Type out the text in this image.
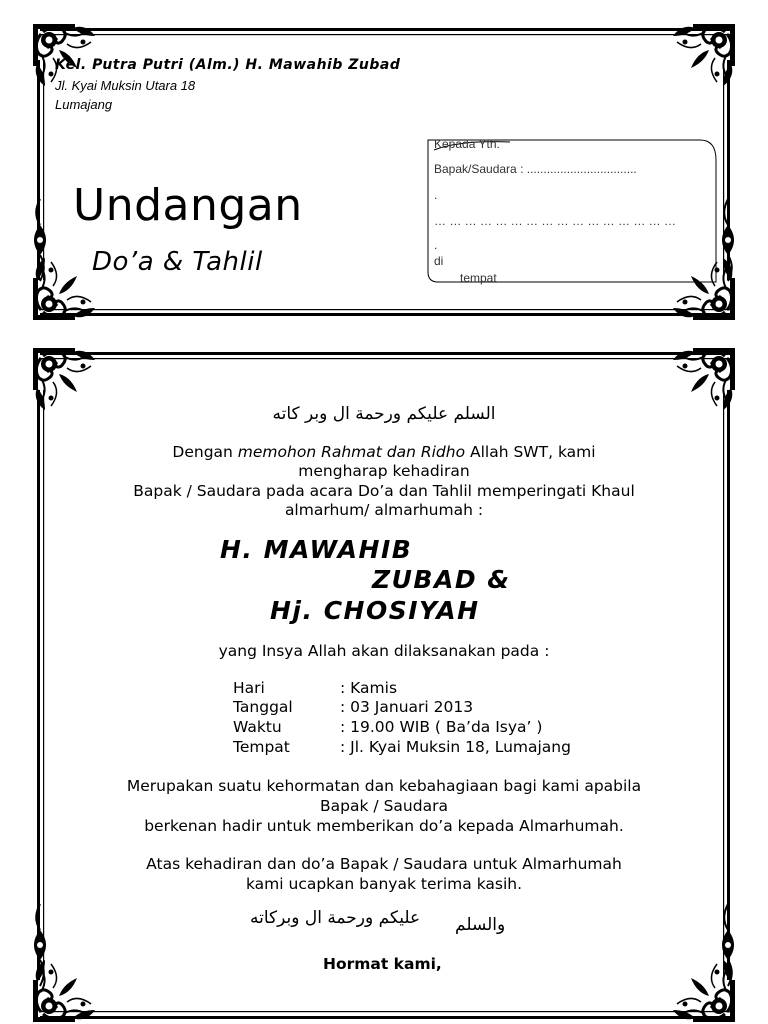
Kel. Putra Putri (Alm.) H. Mawahib Zubad
Jl. Kyai Muksin Utara 18
Lumajang
Undangan
Do’a & Tahlil
Kepada Yth.
Bapak/Saudara : .................................
.
… … … … … … … … … … … … … … … …
.
di
tempat
السلم عليكم ورحمة ال وبر كاته
Dengan memohon Rahmat dan Ridho Allah SWT, kami
mengharap kehadiran
Bapak / Saudara pada acara Do’a dan Tahlil memperingati Khaul
almarhum/ almarhumah :
H. MAWAHIB
ZUBAD &
Hj. CHOSIYAH
yang Insya Allah akan dilaksanakan pada :
Hari	: Kamis
Tanggal	: 03 Januari 2013
Waktu	: 19.00 WIB ( Ba’da Isya’ )
Tempat	: Jl. Kyai Muksin 18, Lumajang
Merupakan suatu kehormatan dan kebahagiaan bagi kami apabila
Bapak / Saudara
berkenan hadir untuk memberikan do’a kepada Almarhumah.
Atas kehadiran dan do’a Bapak / Saudara untuk Almarhumah
kami ucapkan banyak terima kasih.
عليكم ورحمة ال وبركاته والسلم
Hormat kami,
